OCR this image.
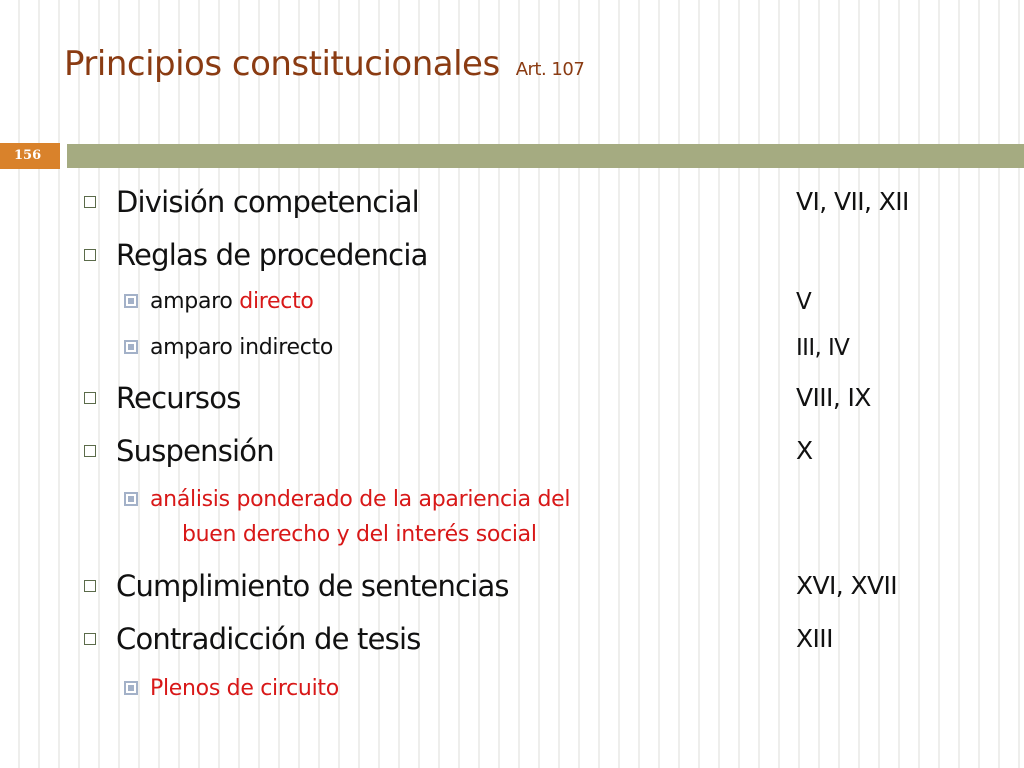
Principios constitucionales Art. 107
156
División competencial	VI, VII, XII
Reglas de procedencia
amparo directo	V
amparo indirecto	III, IV
Recursos	VIII, IX
Suspensión	X
análisis ponderado de la apariencia del
buen derecho y del interés social
Cumplimiento de sentencias	XVI, XVII
Contradicción de tesis	XIII
Plenos de circuito
